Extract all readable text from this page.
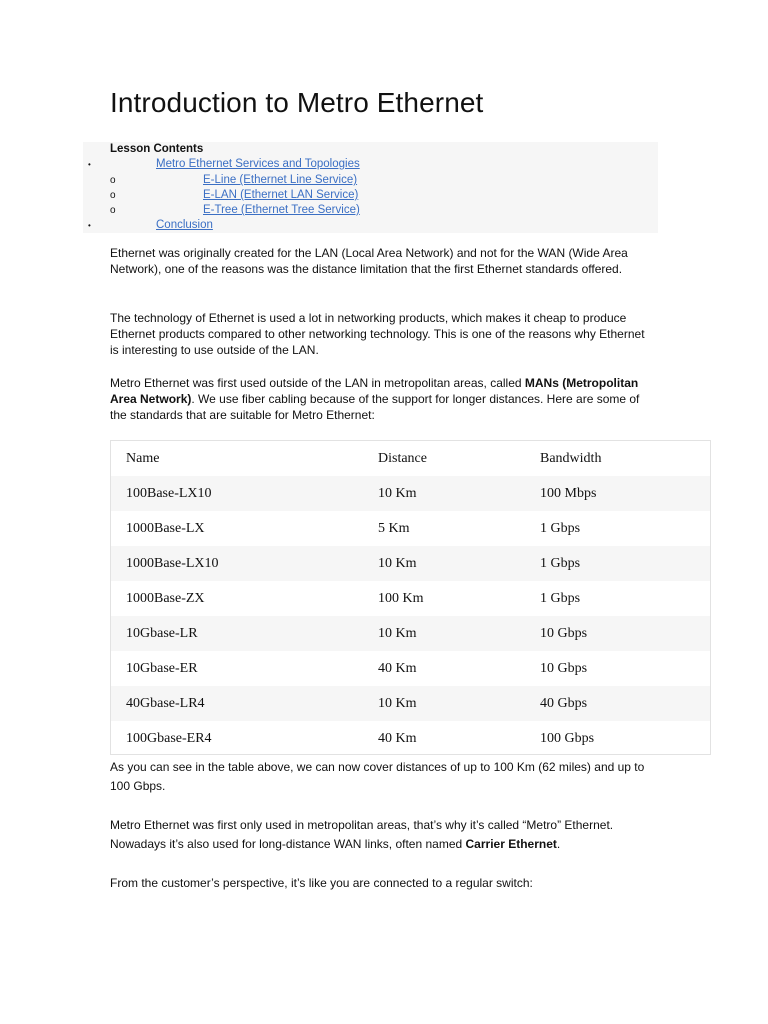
Introduction to Metro Ethernet
Lesson Contents
•	Metro Ethernet Services and Topologies
o	E-Line (Ethernet Line Service)
o	E-LAN (Ethernet LAN Service)
o	E-Tree (Ethernet Tree Service)
•	Conclusion

Ethernet was originally created for the LAN (Local Area Network) and not for the WAN (Wide Area Network), one of the reasons was the distance limitation that the first Ethernet standards offered.

The technology of Ethernet is used a lot in networking products, which makes it cheap to produce Ethernet products compared to other networking technology. This is one of the reasons why Ethernet is interesting to use outside of the LAN.

Metro Ethernet was first used outside of the LAN in metropolitan areas, called MANs (Metropolitan Area Network). We use fiber cabling because of the support for longer distances. Here are some of the standards that are suitable for Metro Ethernet:

Name	Distance	Bandwidth
100Base-LX10	10 Km	100 Mbps
1000Base-LX	5 Km	1 Gbps
1000Base-LX10	10 Km	1 Gbps
1000Base-ZX	100 Km	1 Gbps
10Gbase-LR	10 Km	10 Gbps
10Gbase-ER	40 Km	10 Gbps
40Gbase-LR4	10 Km	40 Gbps
100Gbase-ER4	40 Km	100 Gbps

As you can see in the table above, we can now cover distances of up to 100 Km (62 miles) and up to 100 Gbps.

Metro Ethernet was first only used in metropolitan areas, that’s why it’s called “Metro” Ethernet. Nowadays it’s also used for long-distance WAN links, often named Carrier Ethernet.

From the customer’s perspective, it’s like you are connected to a regular switch:
